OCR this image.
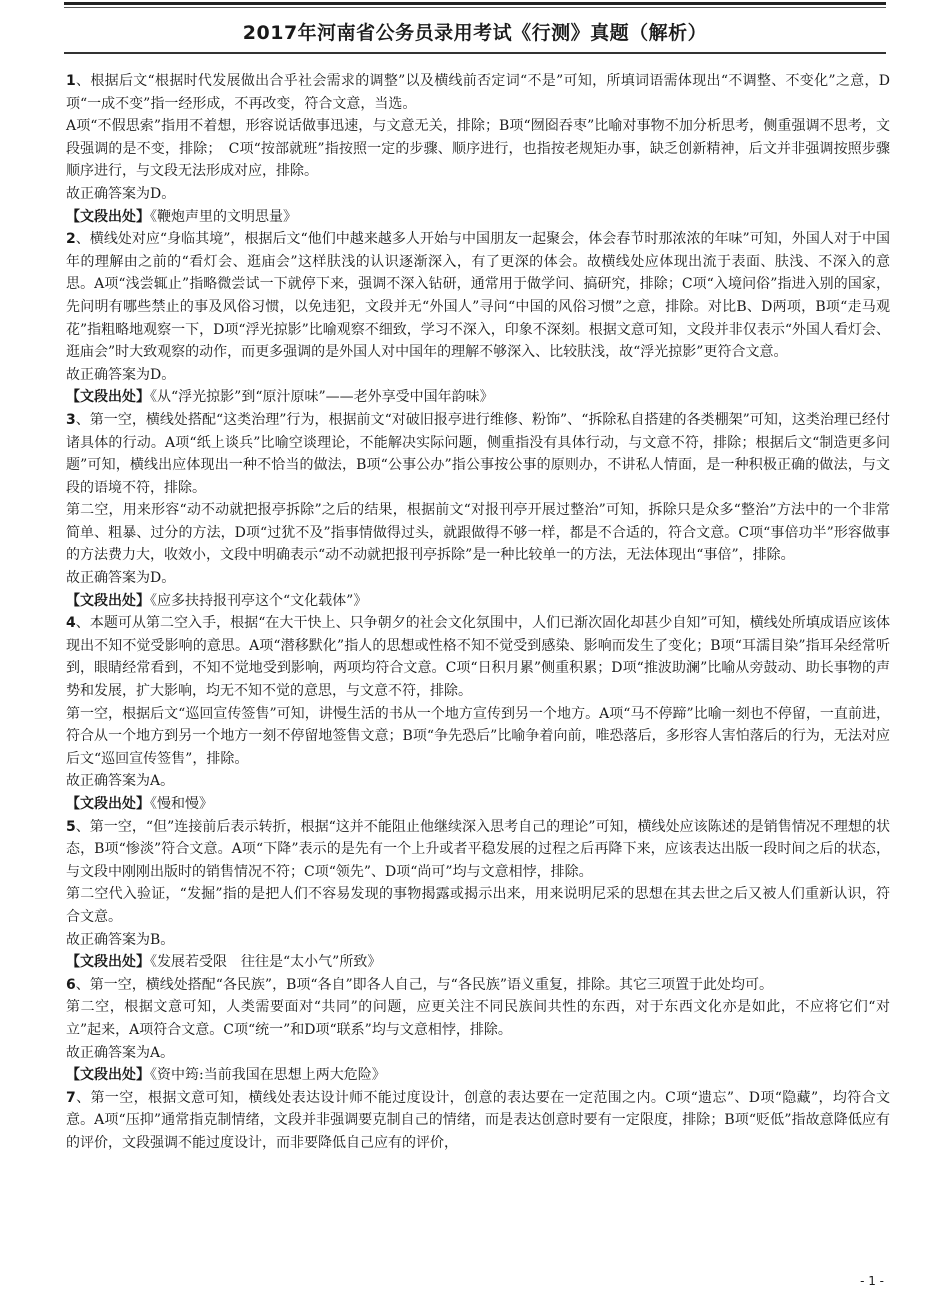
2017年河南省公务员录用考试《行测》真题（解析）

1、根据后文“根据时代发展做出合乎社会需求的调整”以及横线前否定词“不是”可知，所填词语需体现出“不调整、不变化”之意，D项“一成不变”指一经形成，不再改变，符合文意，当选。

A项“不假思索”指用不着想，形容说话做事迅速，与文意无关，排除；B项“囫囵吞枣”比喻对事物不加分析思考，侧重强调不思考，文段强调的是不变，排除；　C项“按部就班”指按照一定的步骤、顺序进行，也指按老规矩办事，缺乏创新精神，后文并非强调按照步骤顺序进行，与文段无法形成对应，排除。

故正确答案为D。

【文段出处】《鞭炮声里的文明思量》

2、横线处对应“身临其境”，根据后文“他们中越来越多人开始与中国朋友一起聚会，体会春节时那浓浓的年味”可知，外国人对于中国年的理解由之前的“看灯会、逛庙会”这样肤浅的认识逐渐深入，有了更深的体会。故横线处应体现出流于表面、肤浅、不深入的意思。A项“浅尝辄止”指略微尝试一下就停下来，强调不深入钻研，通常用于做学问、搞研究，排除；C项“入境问俗”指进入别的国家，先问明有哪些禁止的事及风俗习惯，以免违犯，文段并无“外国人”寻问“中国的风俗习惯”之意，排除。对比B、D两项，B项“走马观花”指粗略地观察一下，D项“浮光掠影”比喻观察不细致，学习不深入，印象不深刻。根据文意可知，文段并非仅表示“外国人看灯会、逛庙会”时大致观察的动作，而更多强调的是外国人对中国年的理解不够深入、比较肤浅，故“浮光掠影”更符合文意。

故正确答案为D。

【文段出处】《从“浮光掠影”到“原汁原味”——老外享受中国年韵味》

3、第一空，横线处搭配“这类治理”行为，根据前文“对破旧报亭进行维修、粉饰”、“拆除私自搭建的各类棚架”可知，这类治理已经付诸具体的行动。A项“纸上谈兵”比喻空谈理论，不能解决实际问题，侧重指没有具体行动，与文意不符，排除；根据后文“制造更多问题”可知，横线出应体现出一种不恰当的做法，B项“公事公办”指公事按公事的原则办，不讲私人情面，是一种积极正确的做法，与文段的语境不符，排除。

第二空，用来形容“动不动就把报亭拆除”之后的结果，根据前文“对报刊亭开展过整治”可知，拆除只是众多“整治”方法中的一个非常简单、粗暴、过分的方法，D项“过犹不及”指事情做得过头，就跟做得不够一样，都是不合适的，符合文意。C项“事倍功半”形容做事的方法费力大，收效小，文段中明确表示“动不动就把报刊亭拆除”是一种比较单一的方法，无法体现出“事倍”，排除。

故正确答案为D。

【文段出处】《应多扶持报刊亭这个“文化载体”》

4、本题可从第二空入手，根据“在大干快上、只争朝夕的社会文化氛围中，人们已渐次固化却甚少自知”可知，横线处所填成语应该体现出不知不觉受影响的意思。A项“潜移默化”指人的思想或性格不知不觉受到感染、影响而发生了变化；B项“耳濡目染”指耳朵经常听到，眼睛经常看到，不知不觉地受到影响，两项均符合文意。C项“日积月累”侧重积累；D项“推波助澜”比喻从旁鼓动、助长事物的声势和发展，扩大影响，均无不知不觉的意思，与文意不符，排除。

第一空，根据后文“巡回宣传签售”可知，讲慢生活的书从一个地方宣传到另一个地方。A项“马不停蹄”比喻一刻也不停留，一直前进，符合从一个地方到另一个地方一刻不停留地签售文意；B项“争先恐后”比喻争着向前，唯恐落后，多形容人害怕落后的行为，无法对应后文“巡回宣传签售”，排除。

故正确答案为A。

【文段出处】《慢和慢》

5、第一空，“但”连接前后表示转折，根据“这并不能阻止他继续深入思考自己的理论”可知，横线处应该陈述的是销售情况不理想的状态，B项“惨淡”符合文意。A项“下降”表示的是先有一个上升或者平稳发展的过程之后再降下来，应该表达出版一段时间之后的状态，与文段中刚刚出版时的销售情况不符；C项“领先”、D项“尚可”均与文意相悖，排除。

第二空代入验证，“发掘”指的是把人们不容易发现的事物揭露或揭示出来，用来说明尼采的思想在其去世之后又被人们重新认识，符合文意。

故正确答案为B。

【文段出处】《发展若受限　往往是“太小气”所致》

6、第一空，横线处搭配“各民族”，B项“各自”即各人自己，与“各民族”语义重复，排除。其它三项置于此处均可。

第二空，根据文意可知，人类需要面对“共同”的问题，应更关注不同民族间共性的东西，对于东西文化亦是如此，不应将它们“对立”起来，A项符合文意。C项“统一”和D项“联系”均与文意相悖，排除。

故正确答案为A。

【文段出处】《资中筠:当前我国在思想上两大危险》

7、第一空，根据文意可知，横线处表达设计师不能过度设计，创意的表达要在一定范围之内。C项“遗忘”、D项“隐藏”，均符合文意。A项“压抑”通常指克制情绪，文段并非强调要克制自己的情绪，而是表达创意时要有一定限度，排除；B项“贬低”指故意降低应有的评价，文段强调不能过度设计，而非要降低自己应有的评价，

- 1 -
